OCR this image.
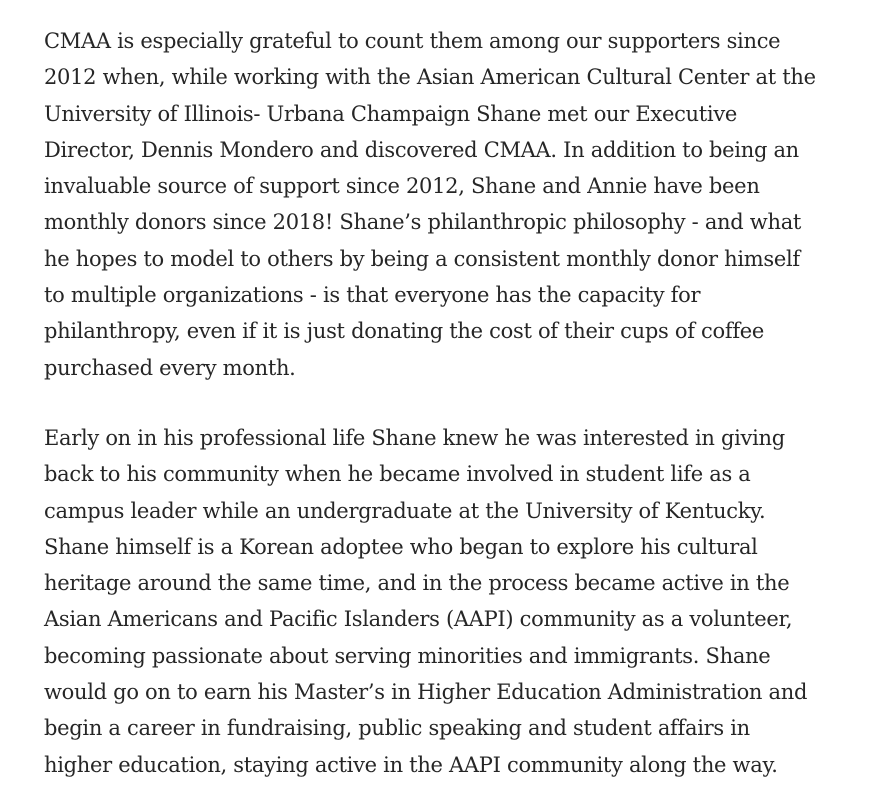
CMAA is especially grateful to count them among our supporters since
2012 when, while working with the Asian American Cultural Center at the
University of Illinois- Urbana Champaign Shane met our Executive
Director, Dennis Mondero and discovered CMAA. In addition to being an
invaluable source of support since 2012, Shane and Annie have been
monthly donors since 2018! Shane’s philanthropic philosophy - and what
he hopes to model to others by being a consistent monthly donor himself
to multiple organizations - is that everyone has the capacity for
philanthropy, even if it is just donating the cost of their cups of coffee
purchased every month.
Early on in his professional life Shane knew he was interested in giving
back to his community when he became involved in student life as a
campus leader while an undergraduate at the University of Kentucky.
Shane himself is a Korean adoptee who began to explore his cultural
heritage around the same time, and in the process became active in the
Asian Americans and Pacific Islanders (AAPI) community as a volunteer,
becoming passionate about serving minorities and immigrants. Shane
would go on to earn his Master’s in Higher Education Administration and
begin a career in fundraising, public speaking and student affairs in
higher education, staying active in the AAPI community along the way.
